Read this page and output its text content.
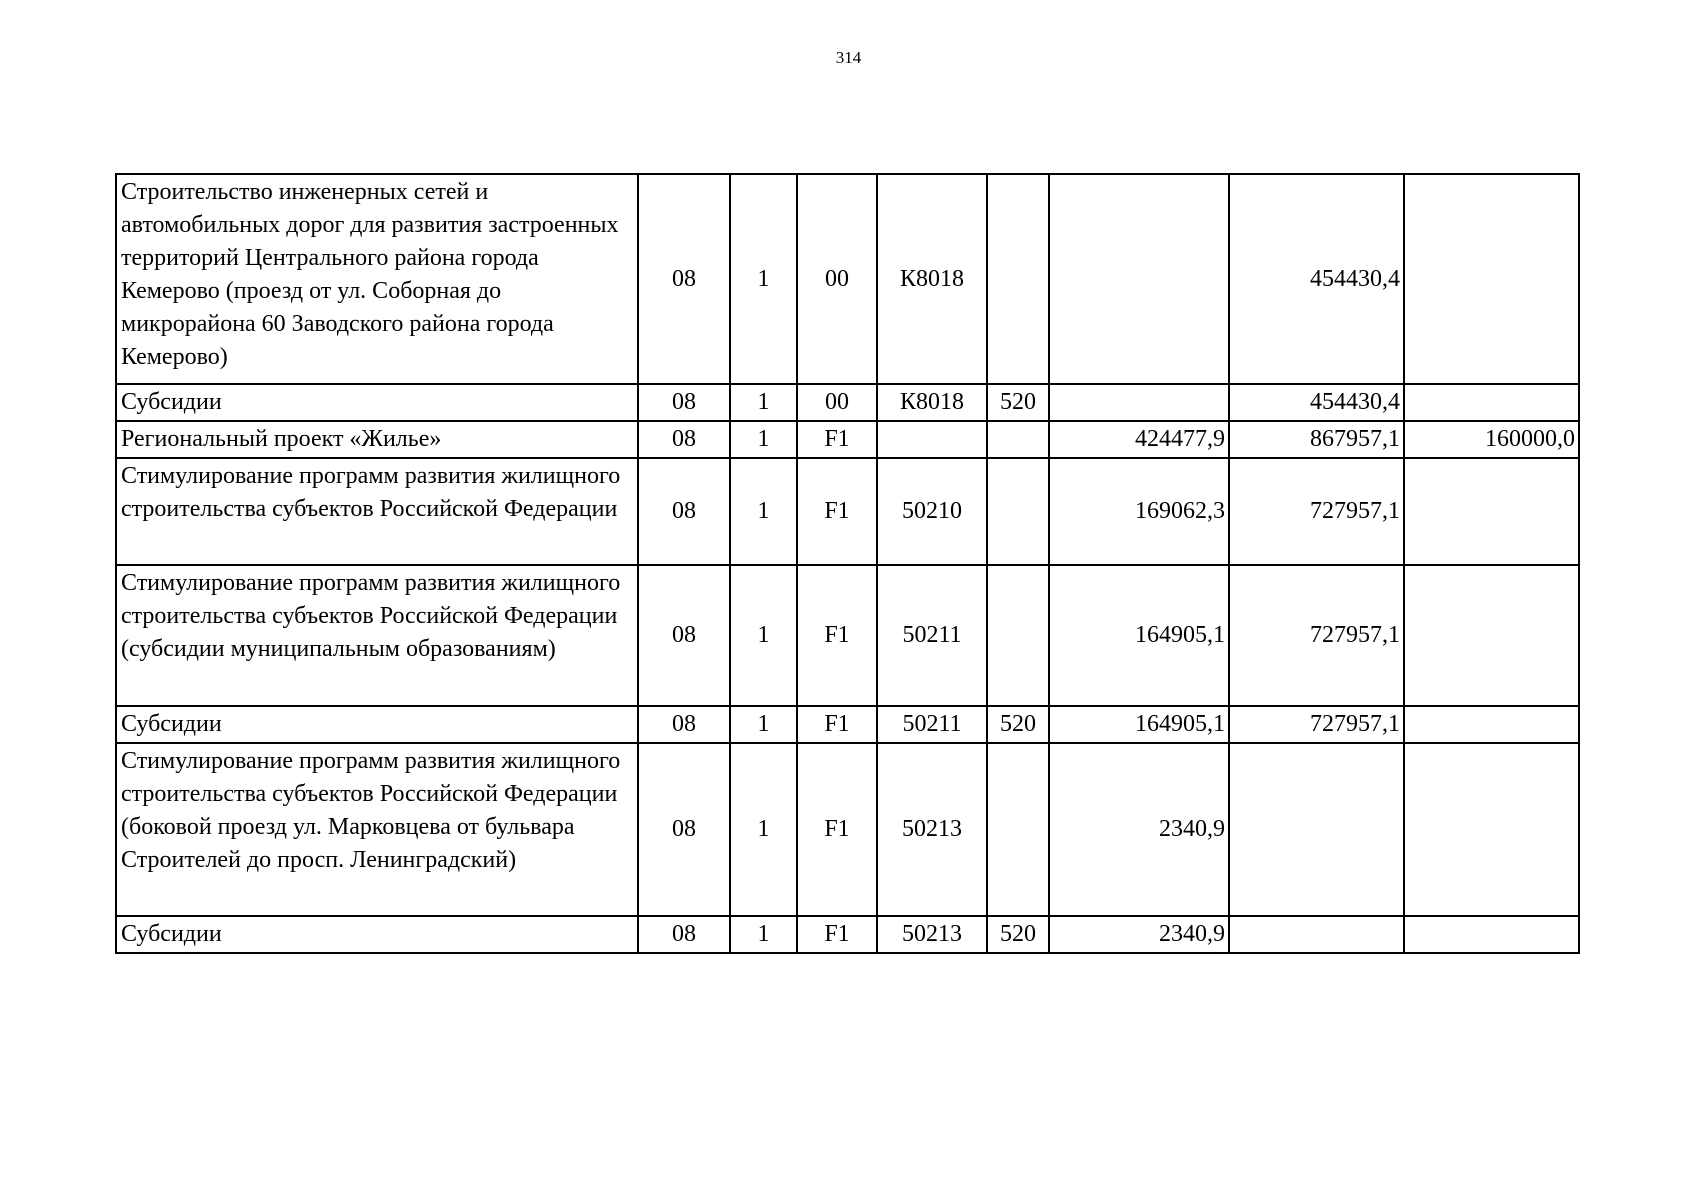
314
Строительство инженерных сетей и автомобильных дорог для развития застроенных территорий Центрального района города Кемерово (проезд от ул. Соборная до микрорайона 60 Заводского района города Кемерово)	08	1	00	К8018			454430,4	
Субсидии	08	1	00	К8018	520		454430,4	
Региональный проект «Жилье»	08	1	F1			424477,9	867957,1	160000,0
Стимулирование программ развития жилищного строительства субъектов Российской Федерации	08	1	F1	50210		169062,3	727957,1	
Стимулирование программ развития жилищного строительства субъектов Российской Федерации (субсидии муниципальным образованиям)	08	1	F1	50211		164905,1	727957,1	
Субсидии	08	1	F1	50211	520	164905,1	727957,1	
Стимулирование программ развития жилищного строительства субъектов Российской Федерации (боковой проезд ул. Марковцева от бульвара Строителей до просп. Ленинградский)	08	1	F1	50213		2340,9		
Субсидии	08	1	F1	50213	520	2340,9		
